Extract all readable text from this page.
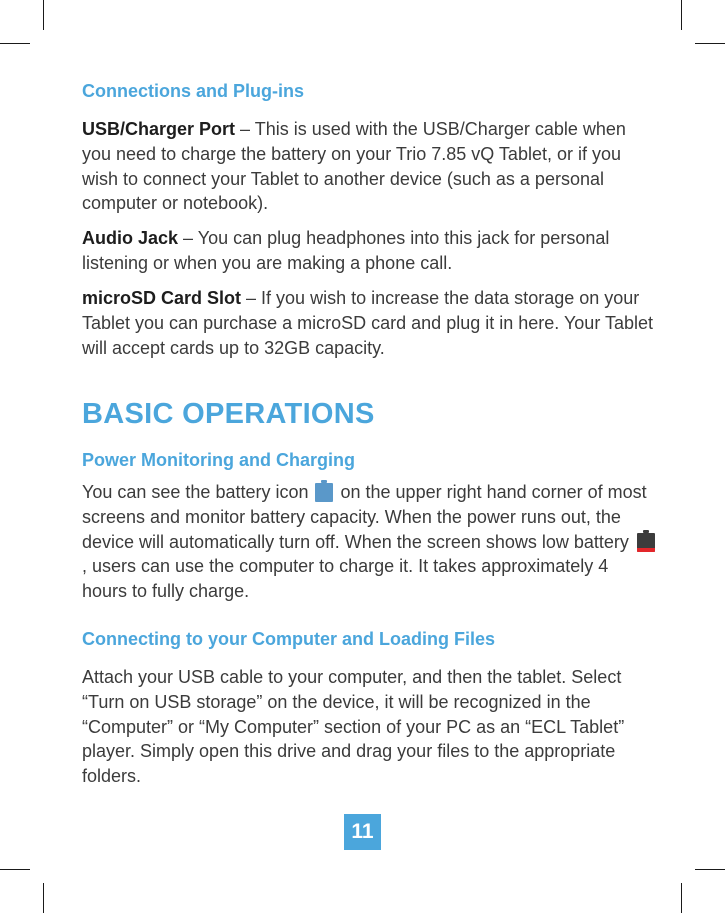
Connections and Plug-ins

USB/Charger Port – This is used with the USB/Charger cable when you need to charge the battery on your Trio 7.85 vQ Tablet, or if you wish to connect your Tablet to another device (such as a personal computer or notebook).

Audio Jack – You can plug headphones into this jack for personal listening or when you are making a phone call.

microSD Card Slot – If you wish to increase the data storage on your Tablet you can purchase a microSD card and plug it in here. Your Tablet will accept cards up to 32GB capacity.

BASIC OPERATIONS
Power Monitoring and Charging

You can see the battery icon on the upper right hand corner of most screens and monitor battery capacity. When the power runs out, the device will automatically turn off. When the screen shows low battery
, users can use the computer to charge it. It takes approximately 4 hours to fully charge.

Connecting to your Computer and Loading Files

Attach your USB cable to your computer, and then the tablet. Select “Turn on USB storage” on the device, it will be recognized in the “Computer” or “My Computer” section of your PC as an “ECL Tablet” player. Simply open this drive and drag your files to the appropriate folders.

11
